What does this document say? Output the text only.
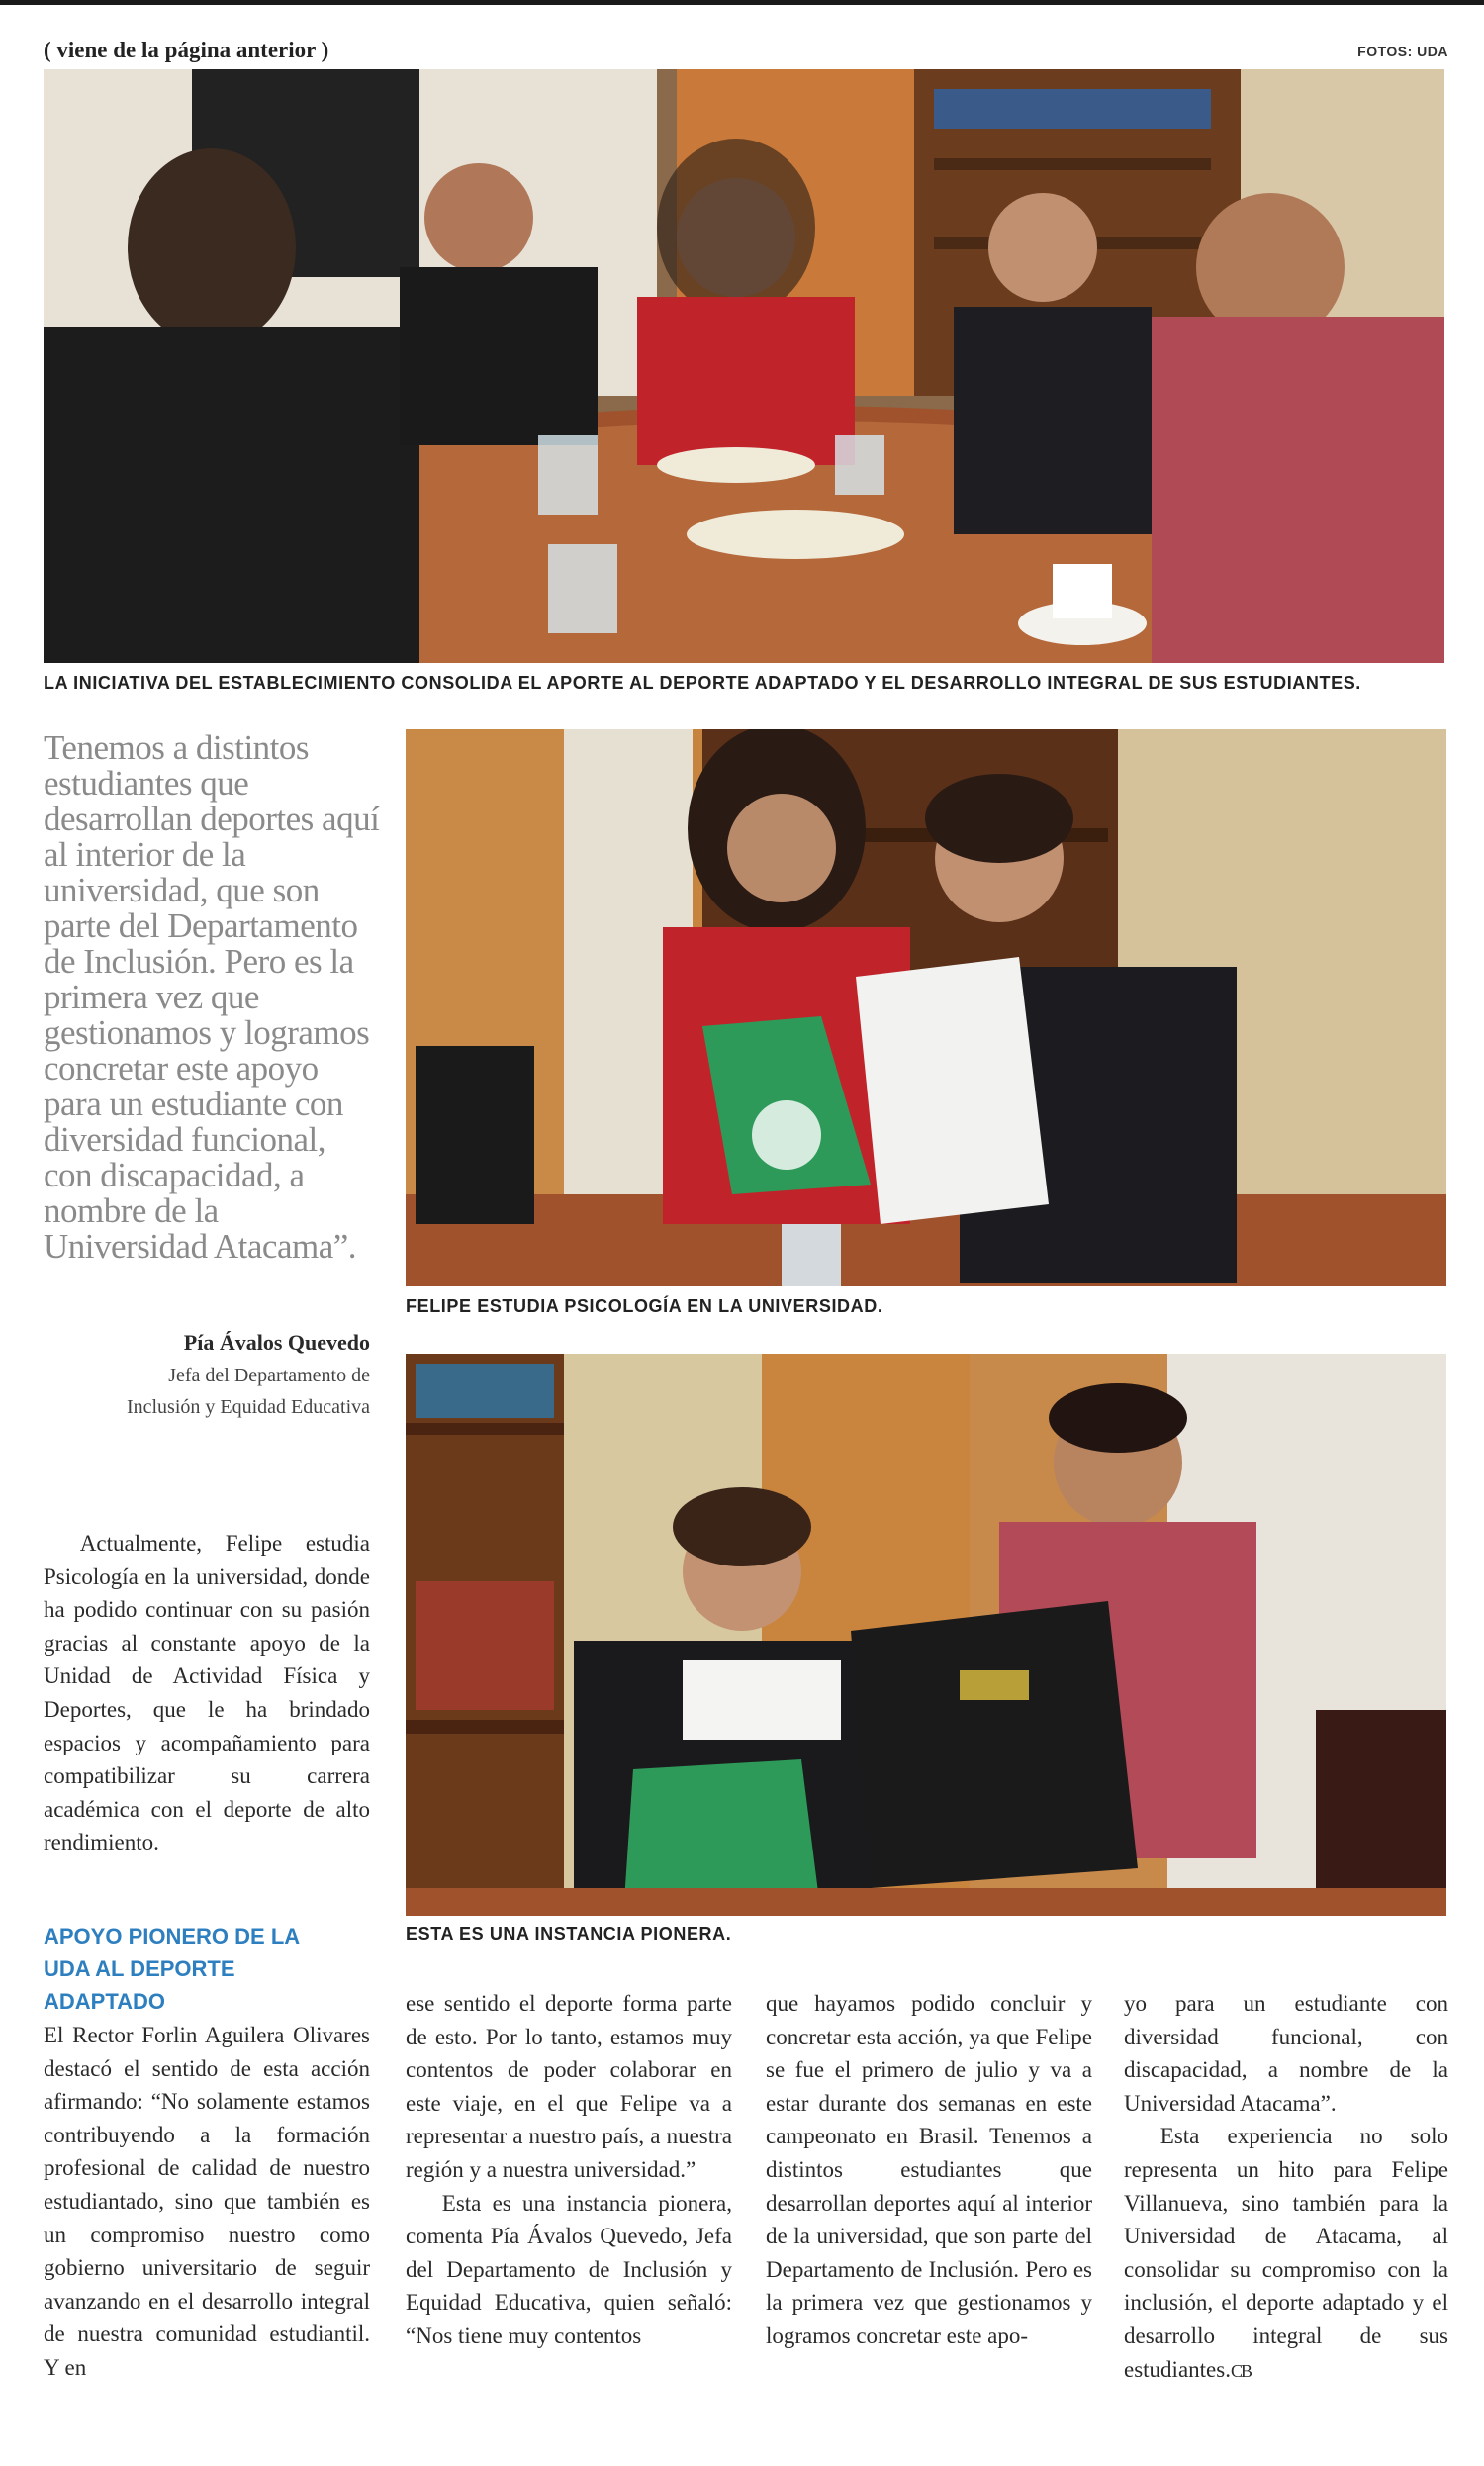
( viene de la página anterior )	FOTOS: UDA
LA INICIATIVA DEL ESTABLECIMIENTO CONSOLIDA EL APORTE AL DEPORTE ADAPTADO Y EL DESARROLLO INTEGRAL DE SUS ESTUDIANTES.
Tenemos a distintos estudiantes que desarrollan deportes aquí al interior de la universidad, que son parte del Departamento de Inclusión. Pero es la primera vez que gestionamos y logramos concretar este apoyo para un estudiante con diversidad funcional, con discapacidad, a nombre de la Universidad Atacama”.
Pía Ávalos Quevedo
Jefa del Departamento de
Inclusión y Equidad Educativa
FELIPE ESTUDIA PSICOLOGÍA EN LA UNIVERSIDAD.
ESTA ES UNA INSTANCIA PIONERA.

Actualmente, Felipe estudia Psicología en la universidad, donde ha podido continuar con su pasión gracias al constante apoyo de la Unidad de Actividad Física y Deportes, que le ha brindado espacios y acompañamiento para compatibilizar su carrera académica con el deporte de alto rendimiento.

APOYO PIONERO DE LA UDA AL DEPORTE ADAPTADO

El Rector Forlin Aguilera Olivares destacó el sentido de esta acción afirmando: “No solamente estamos contribuyendo a la formación profesional de calidad de nuestro estudiantado, sino que también es un compromiso nuestro como gobierno universitario de seguir avanzando en el desarrollo integral de nuestra comunidad estudiantil. Y en

ese sentido el deporte forma parte de esto. Por lo tanto, estamos muy contentos de poder colaborar en este viaje, en el que Felipe va a representar a nuestro país, a nuestra región y a nuestra universidad.”

Esta es una instancia pionera, comenta Pía Ávalos Quevedo, Jefa del Departamento de Inclusión y Equidad Educativa, quien señaló: “Nos tiene muy contentos

que hayamos podido concluir y concretar esta acción, ya que Felipe se fue el primero de julio y va a estar durante dos semanas en este campeonato en Brasil. Tenemos a distintos estudiantes que desarrollan deportes aquí al interior de la universidad, que son parte del Departamento de Inclusión. Pero es la primera vez que gestionamos y logramos concretar este apo-

yo para un estudiante con diversidad funcional, con discapacidad, a nombre de la Universidad Atacama”.

Esta experiencia no solo representa un hito para Felipe Villanueva, sino también para la Universidad de Atacama, al consolidar su compromiso con la inclusión, el deporte adaptado y el desarrollo integral de sus estudiantes.CB
